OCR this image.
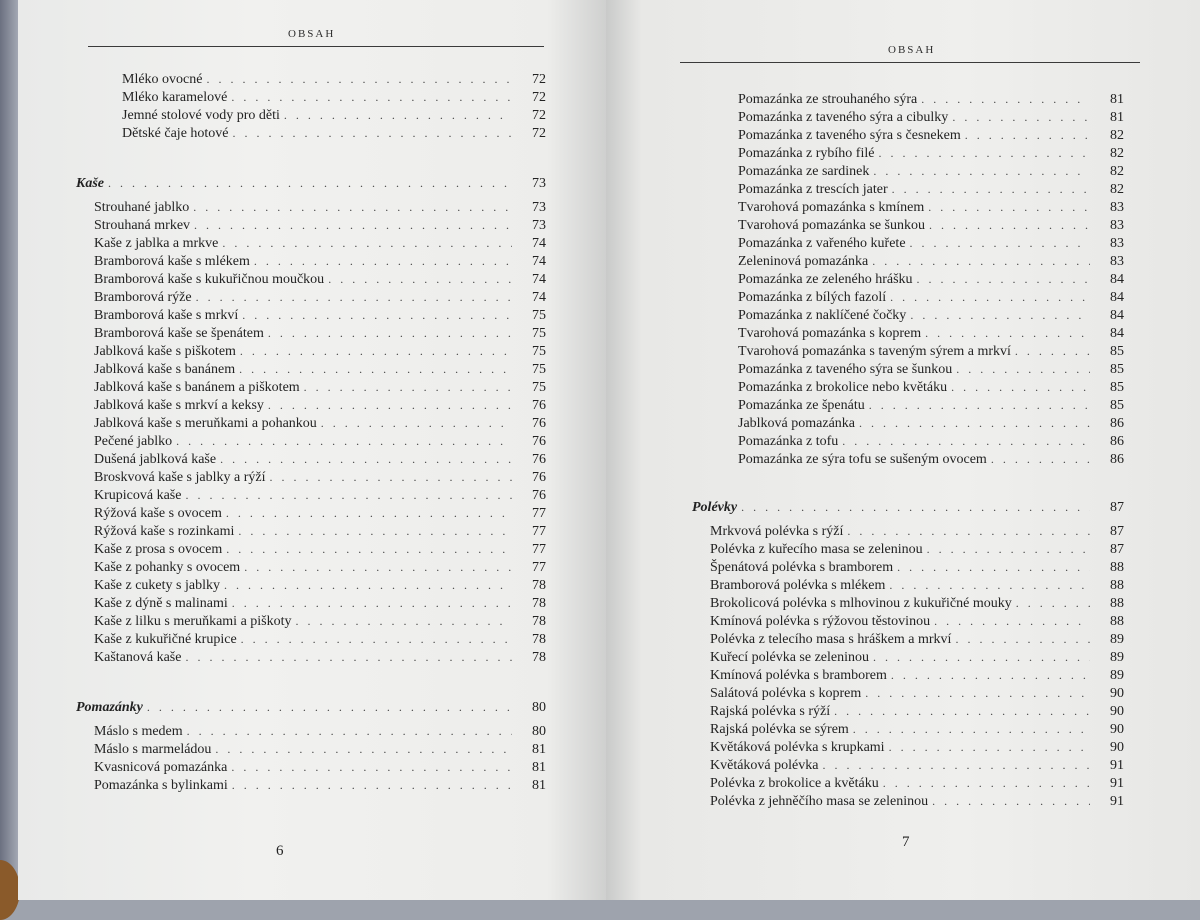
OBSAH
Mléko ovocné . . .	72
Mléko karamelové . . .	72
Jemné stolové vody pro děti . . .	72
Dětské čaje hotové . . .	72
Kaše . . .	73
Strouhané jablko . . .	73
Strouhaná mrkev . . .	73
Kaše z jablka a mrkve . . .	74
Bramborová kaše s mlékem . . .	74
Bramborová kaše s kukuřičnou moučkou . . .	74
Bramborová rýže . . .	74
Bramborová kaše s mrkví . . .	75
Bramborová kaše se špenátem . . .	75
Jablková kaše s piškotem . . .	75
Jablková kaše s banánem . . .	75
Jablková kaše s banánem a piškotem . . .	75
Jablková kaše s mrkví a keksy . . .	76
Jablková kaše s meruňkami a pohankou . . .	76
Pečené jablko . . .	76
Dušená jablková kaše . . .	76
Broskvová kaše s jablky a rýží . . .	76
Krupicová kaše . . .	76
Rýžová kaše s ovocem . . .	77
Rýžová kaše s rozinkami . . .	77
Kaše z prosa s ovocem . . .	77
Kaše z pohanky s ovocem . . .	77
Kaše z cukety s jablky . . .	78
Kaše z dýně s malinami . . .	78
Kaše z lilku s meruňkami a piškoty . . .	78
Kaše z kukuřičné krupice . . .	78
Kaštanová kaše . . .	78
Pomazánky . . .	80
Máslo s medem . . .	80
Máslo s marmeládou . . .	81
Kvasnicová pomazánka . . .	81
Pomazánka s bylinkami . . .	81
6
OBSAH
Pomazánka ze strouhaného sýra . . .	81
Pomazánka z taveného sýra a cibulky . . .	81
Pomazánka z taveného sýra s česnekem . . .	82
Pomazánka z rybího filé . . .	82
Pomazánka ze sardinek . . .	82
Pomazánka z trescích jater . . .	82
Tvarohová pomazánka s kmínem . . .	83
Tvarohová pomazánka se šunkou . . .	83
Pomazánka z vařeného kuřete . . .	83
Zeleninová pomazánka . . .	83
Pomazánka ze zeleného hrášku . . .	84
Pomazánka z bílých fazolí . . .	84
Pomazánka z naklíčené čočky . . .	84
Tvarohová pomazánka s koprem . . .	84
Tvarohová pomazánka s taveným sýrem a mrkví . . .	85
Pomazánka z taveného sýra se šunkou . . .	85
Pomazánka z brokolice nebo květáku . . .	85
Pomazánka ze špenátu . . .	85
Jablková pomazánka . . .	86
Pomazánka z tofu . . .	86
Pomazánka ze sýra tofu se sušeným ovocem . . .	86
Polévky . . .	87
Mrkvová polévka s rýží . . .	87
Polévka z kuřecího masa se zeleninou . . .	87
Špenátová polévka s bramborem . . .	88
Bramborová polévka s mlékem . . .	88
Brokolicová polévka s mlhovinou z kukuřičné mouky . . .	88
Kmínová polévka s rýžovou těstovinou . . .	88
Polévka z telecího masa s hráškem a mrkví . . .	89
Kuřecí polévka se zeleninou . . .	89
Kmínová polévka s bramborem . . .	89
Salátová polévka s koprem . . .	90
Rajská polévka s rýží . . .	90
Rajská polévka se sýrem . . .	90
Květáková polévka s krupkami . . .	90
Květáková polévka . . .	91
Polévka z brokolice a květáku . . .	91
Polévka z jehněčího masa se zeleninou . . .	91
7
